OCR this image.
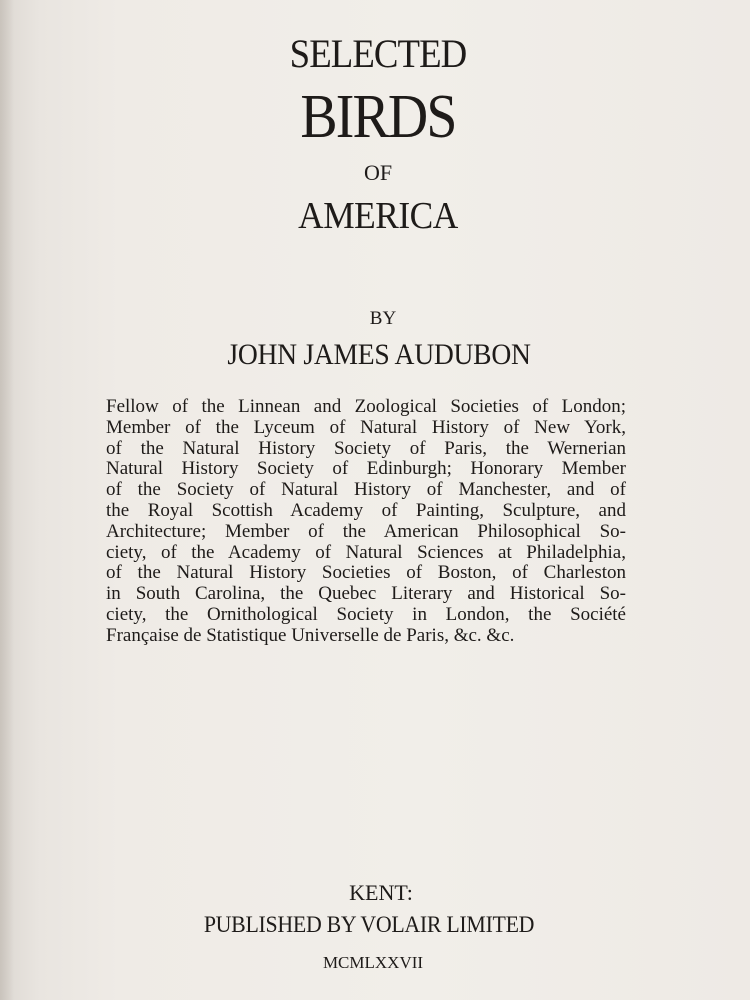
SELECTED
BIRDS
OF
AMERICA
BY
JOHN JAMES AUDUBON

Fellow of the Linnean and Zoological Societies of London;
Member of the Lyceum of Natural History of New York,
of the Natural History Society of Paris, the Wernerian
Natural History Society of Edinburgh; Honorary Member
of the Society of Natural History of Manchester, and of
the Royal Scottish Academy of Painting, Sculpture, and
Architecture; Member of the American Philosophical So-
ciety, of the Academy of Natural Sciences at Philadelphia,
of the Natural History Societies of Boston, of Charleston
in South Carolina, the Quebec Literary and Historical So-
ciety, the Ornithological Society in London, the Société
Française de Statistique Universelle de Paris, &c. &c.

KENT:
PUBLISHED BY VOLAIR LIMITED
MCMLXXVII
